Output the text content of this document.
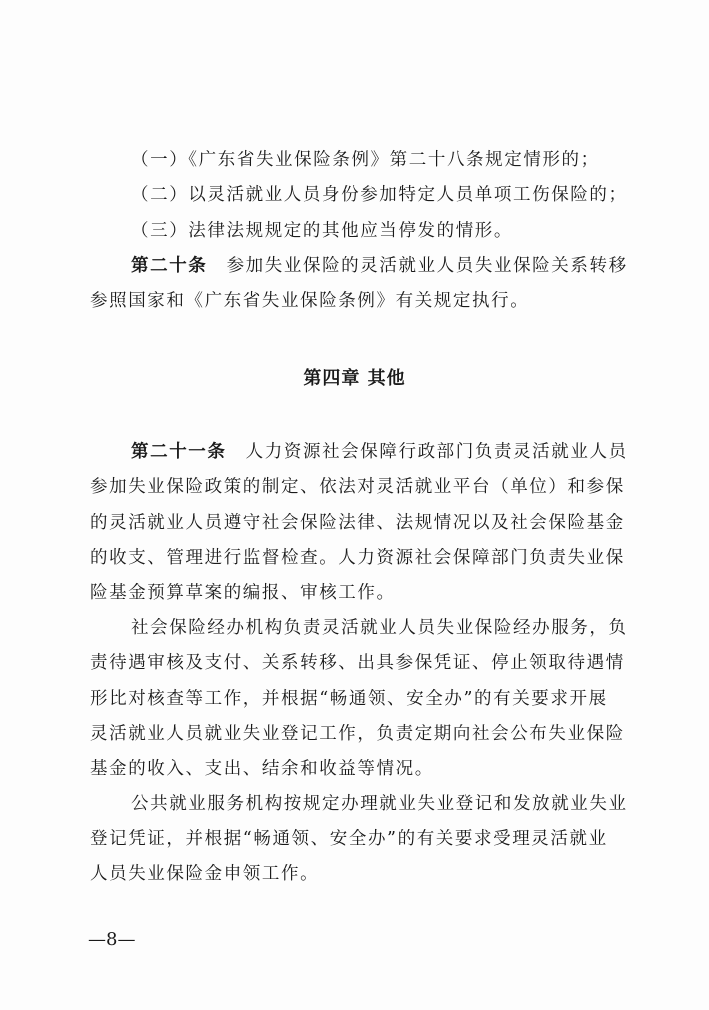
（一）《广东省失业保险条例》第二十八条规定情形的；
（二）以灵活就业人员身份参加特定人员单项工伤保险的；
（三）法律法规规定的其他应当停发的情形。
第二十条 参加失业保险的灵活就业人员失业保险关系转移
参照国家和《广东省失业保险条例》有关规定执行。
第四章 其他
第二十一条 人力资源社会保障行政部门负责灵活就业人员
参加失业保险政策的制定、依法对灵活就业平台（单位）和参保
的灵活就业人员遵守社会保险法律、法规情况以及社会保险基金
的收支、管理进行监督检查。人力资源社会保障部门负责失业保
险基金预算草案的编报、审核工作。
社会保险经办机构负责灵活就业人员失业保险经办服务，负
责待遇审核及支付、关系转移、出具参保凭证、停止领取待遇情
形比对核查等工作，并根据“畅通领、安全办”的有关要求开展
灵活就业人员就业失业登记工作，负责定期向社会公布失业保险
基金的收入、支出、结余和收益等情况。
公共就业服务机构按规定办理就业失业登记和发放就业失业
登记凭证，并根据“畅通领、安全办”的有关要求受理灵活就业
人员失业保险金申领工作。
—8—
